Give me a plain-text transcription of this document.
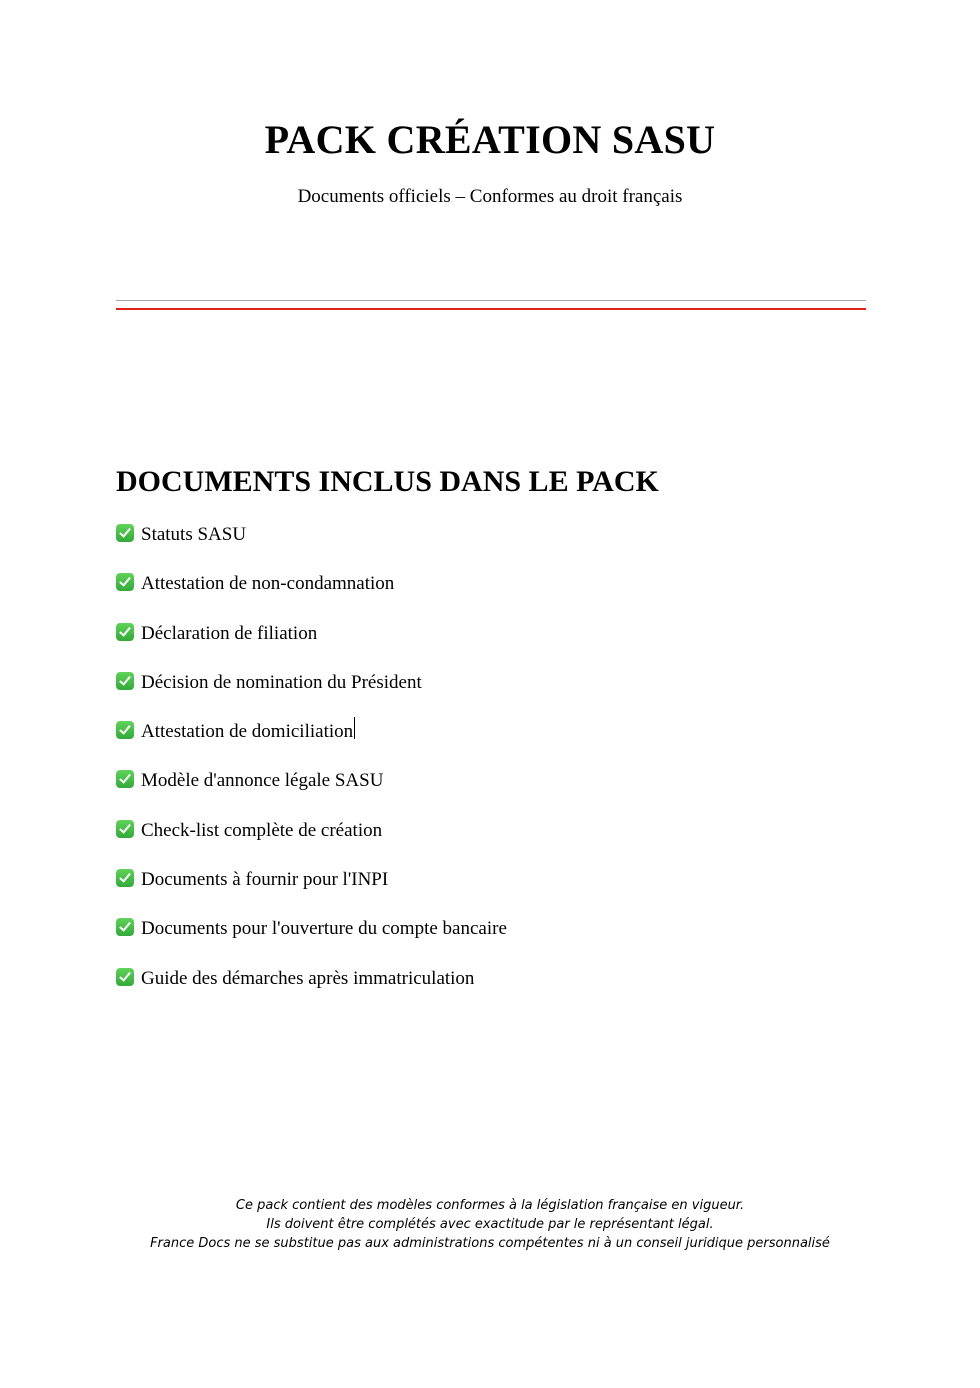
PACK CRÉATION SASU
Documents officiels – Conformes au droit français
DOCUMENTS INCLUS DANS LE PACK
Statuts SASU
Attestation de non-condamnation
Déclaration de filiation
Décision de nomination du Président
Attestation de domiciliation
Modèle d'annonce légale SASU
Check-list complète de création
Documents à fournir pour l'INPI
Documents pour l'ouverture du compte bancaire
Guide des démarches après immatriculation
Ce pack contient des modèles conformes à la législation française en vigueur.
Ils doivent être complétés avec exactitude par le représentant légal.
France Docs ne se substitue pas aux administrations compétentes ni à un conseil juridique personnalisé
